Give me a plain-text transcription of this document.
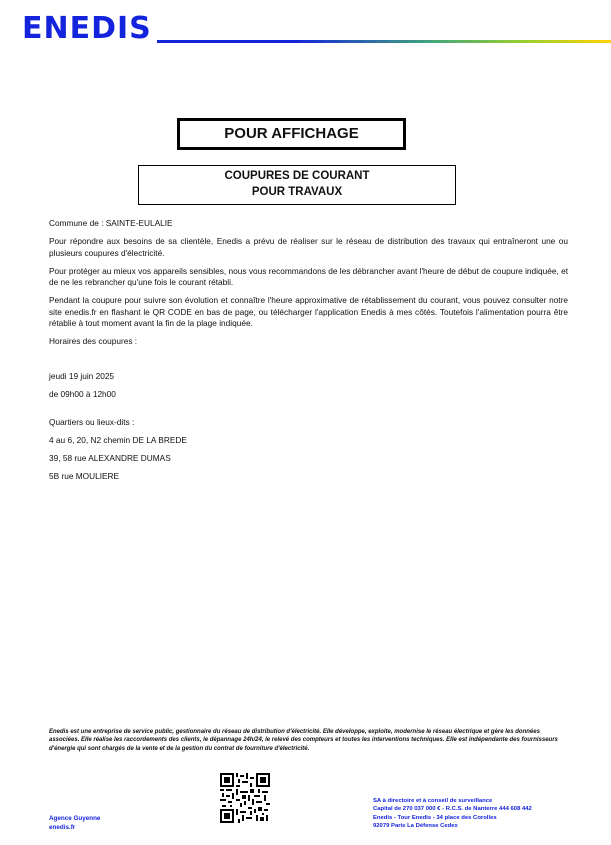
ENEDIS
POUR AFFICHAGE
COUPURES DE COURANT
POUR TRAVAUX

Commune de : SAINTE-EULALIE

Pour répondre aux besoins de sa clientèle, Enedis a prévu de réaliser sur le réseau de distribution des travaux qui entraîneront une ou plusieurs coupures d'électricité.

Pour protéger au mieux vos appareils sensibles, nous vous recommandons de les débrancher avant l'heure de début de coupure indiquée, et de ne les rebrancher qu'une fois le courant rétabli.

Pendant la coupure pour suivre son évolution et connaître l'heure approximative de rétablissement du courant, vous pouvez consulter notre site enedis.fr en flashant le QR CODE en bas de page, ou télécharger l'application Enedis à mes côtés. Toutefois l'alimentation pourra être rétablie à tout moment avant la fin de la plage indiquée.

Horaires des coupures :

jeudi 19 juin 2025

de 09h00 à 12h00

Quartiers ou lieux-dits :

4 au 6, 20, N2 chemin DE LA BREDE

39, 58 rue ALEXANDRE DUMAS

5B rue MOULIERE

Enedis est une entreprise de service public, gestionnaire du réseau de distribution d'électricité. Elle développe, exploite, modernise le réseau électrique et gère les données associées. Elle réalise les raccordements des clients, le dépannage 24h/24, le relevé des compteurs et toutes les interventions techniques. Elle est indépendante des fournisseurs d'énergie qui sont chargés de la vente et de la gestion du contrat de fourniture d'électricité.
Agence Guyenne
enedis.fr
SA à directoire et à conseil de surveillance
Capital de 270 037 000 € - R.C.S. de Nanterre 444 608 442
Enedis - Tour Enedis - 34 place des Corolles
92079 Paris La Défense Cedex
